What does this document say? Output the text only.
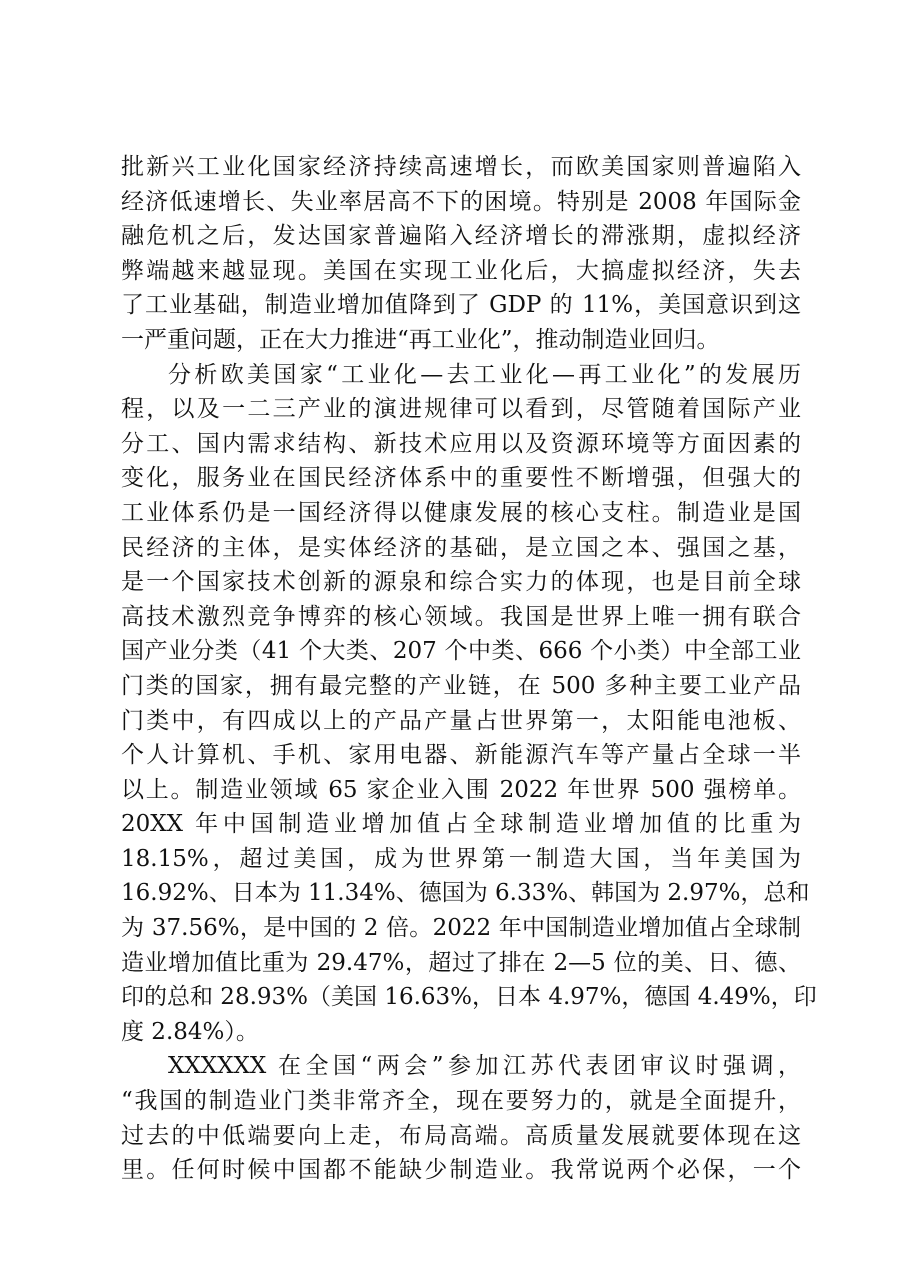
批新兴工业化国家经济持续高速增长，而欧美国家则普遍陷入
经济低速增长、失业率居高不下的困境。特别是 2008 年国际金
融危机之后，发达国家普遍陷入经济增长的滞涨期，虚拟经济
弊端越来越显现。美国在实现工业化后，大搞虚拟经济，失去
了工业基础，制造业增加值降到了 GDP 的 11%，美国意识到这
一严重问题，正在大力推进“再工业化”，推动制造业回归。
分析欧美国家“工业化—去工业化—再工业化”的发展历
程，以及一二三产业的演进规律可以看到，尽管随着国际产业
分工、国内需求结构、新技术应用以及资源环境等方面因素的
变化，服务业在国民经济体系中的重要性不断增强，但强大的
工业体系仍是一国经济得以健康发展的核心支柱。制造业是国
民经济的主体，是实体经济的基础，是立国之本、强国之基，
是一个国家技术创新的源泉和综合实力的体现，也是目前全球
高技术激烈竞争博弈的核心领域。我国是世界上唯一拥有联合
国产业分类（41 个大类、207 个中类、666 个小类）中全部工业
门类的国家，拥有最完整的产业链，在 500 多种主要工业产品
门类中，有四成以上的产品产量占世界第一，太阳能电池板、
个人计算机、手机、家用电器、新能源汽车等产量占全球一半
以上。制造业领域 65 家企业入围 2022 年世界 500 强榜单。
20XX 年中国制造业增加值占全球制造业增加值的比重为
18.15%，超过美国，成为世界第一制造大国，当年美国为
16.92%、日本为 11.34%、德国为 6.33%、韩国为 2.97%，总和
为 37.56%，是中国的 2 倍。2022 年中国制造业增加值占全球制
造业增加值比重为 29.47%，超过了排在 2—5 位的美、日、德、
印的总和 28.93%（美国 16.63%，日本 4.97%，德国 4.49%，印
度 2.84%）。
XXXXXX 在全国“两会”参加江苏代表团审议时强调，
“我国的制造业门类非常齐全，现在要努力的，就是全面提升，
过去的中低端要向上走，布局高端。高质量发展就要体现在这
里。任何时候中国都不能缺少制造业。我常说两个必保，一个
